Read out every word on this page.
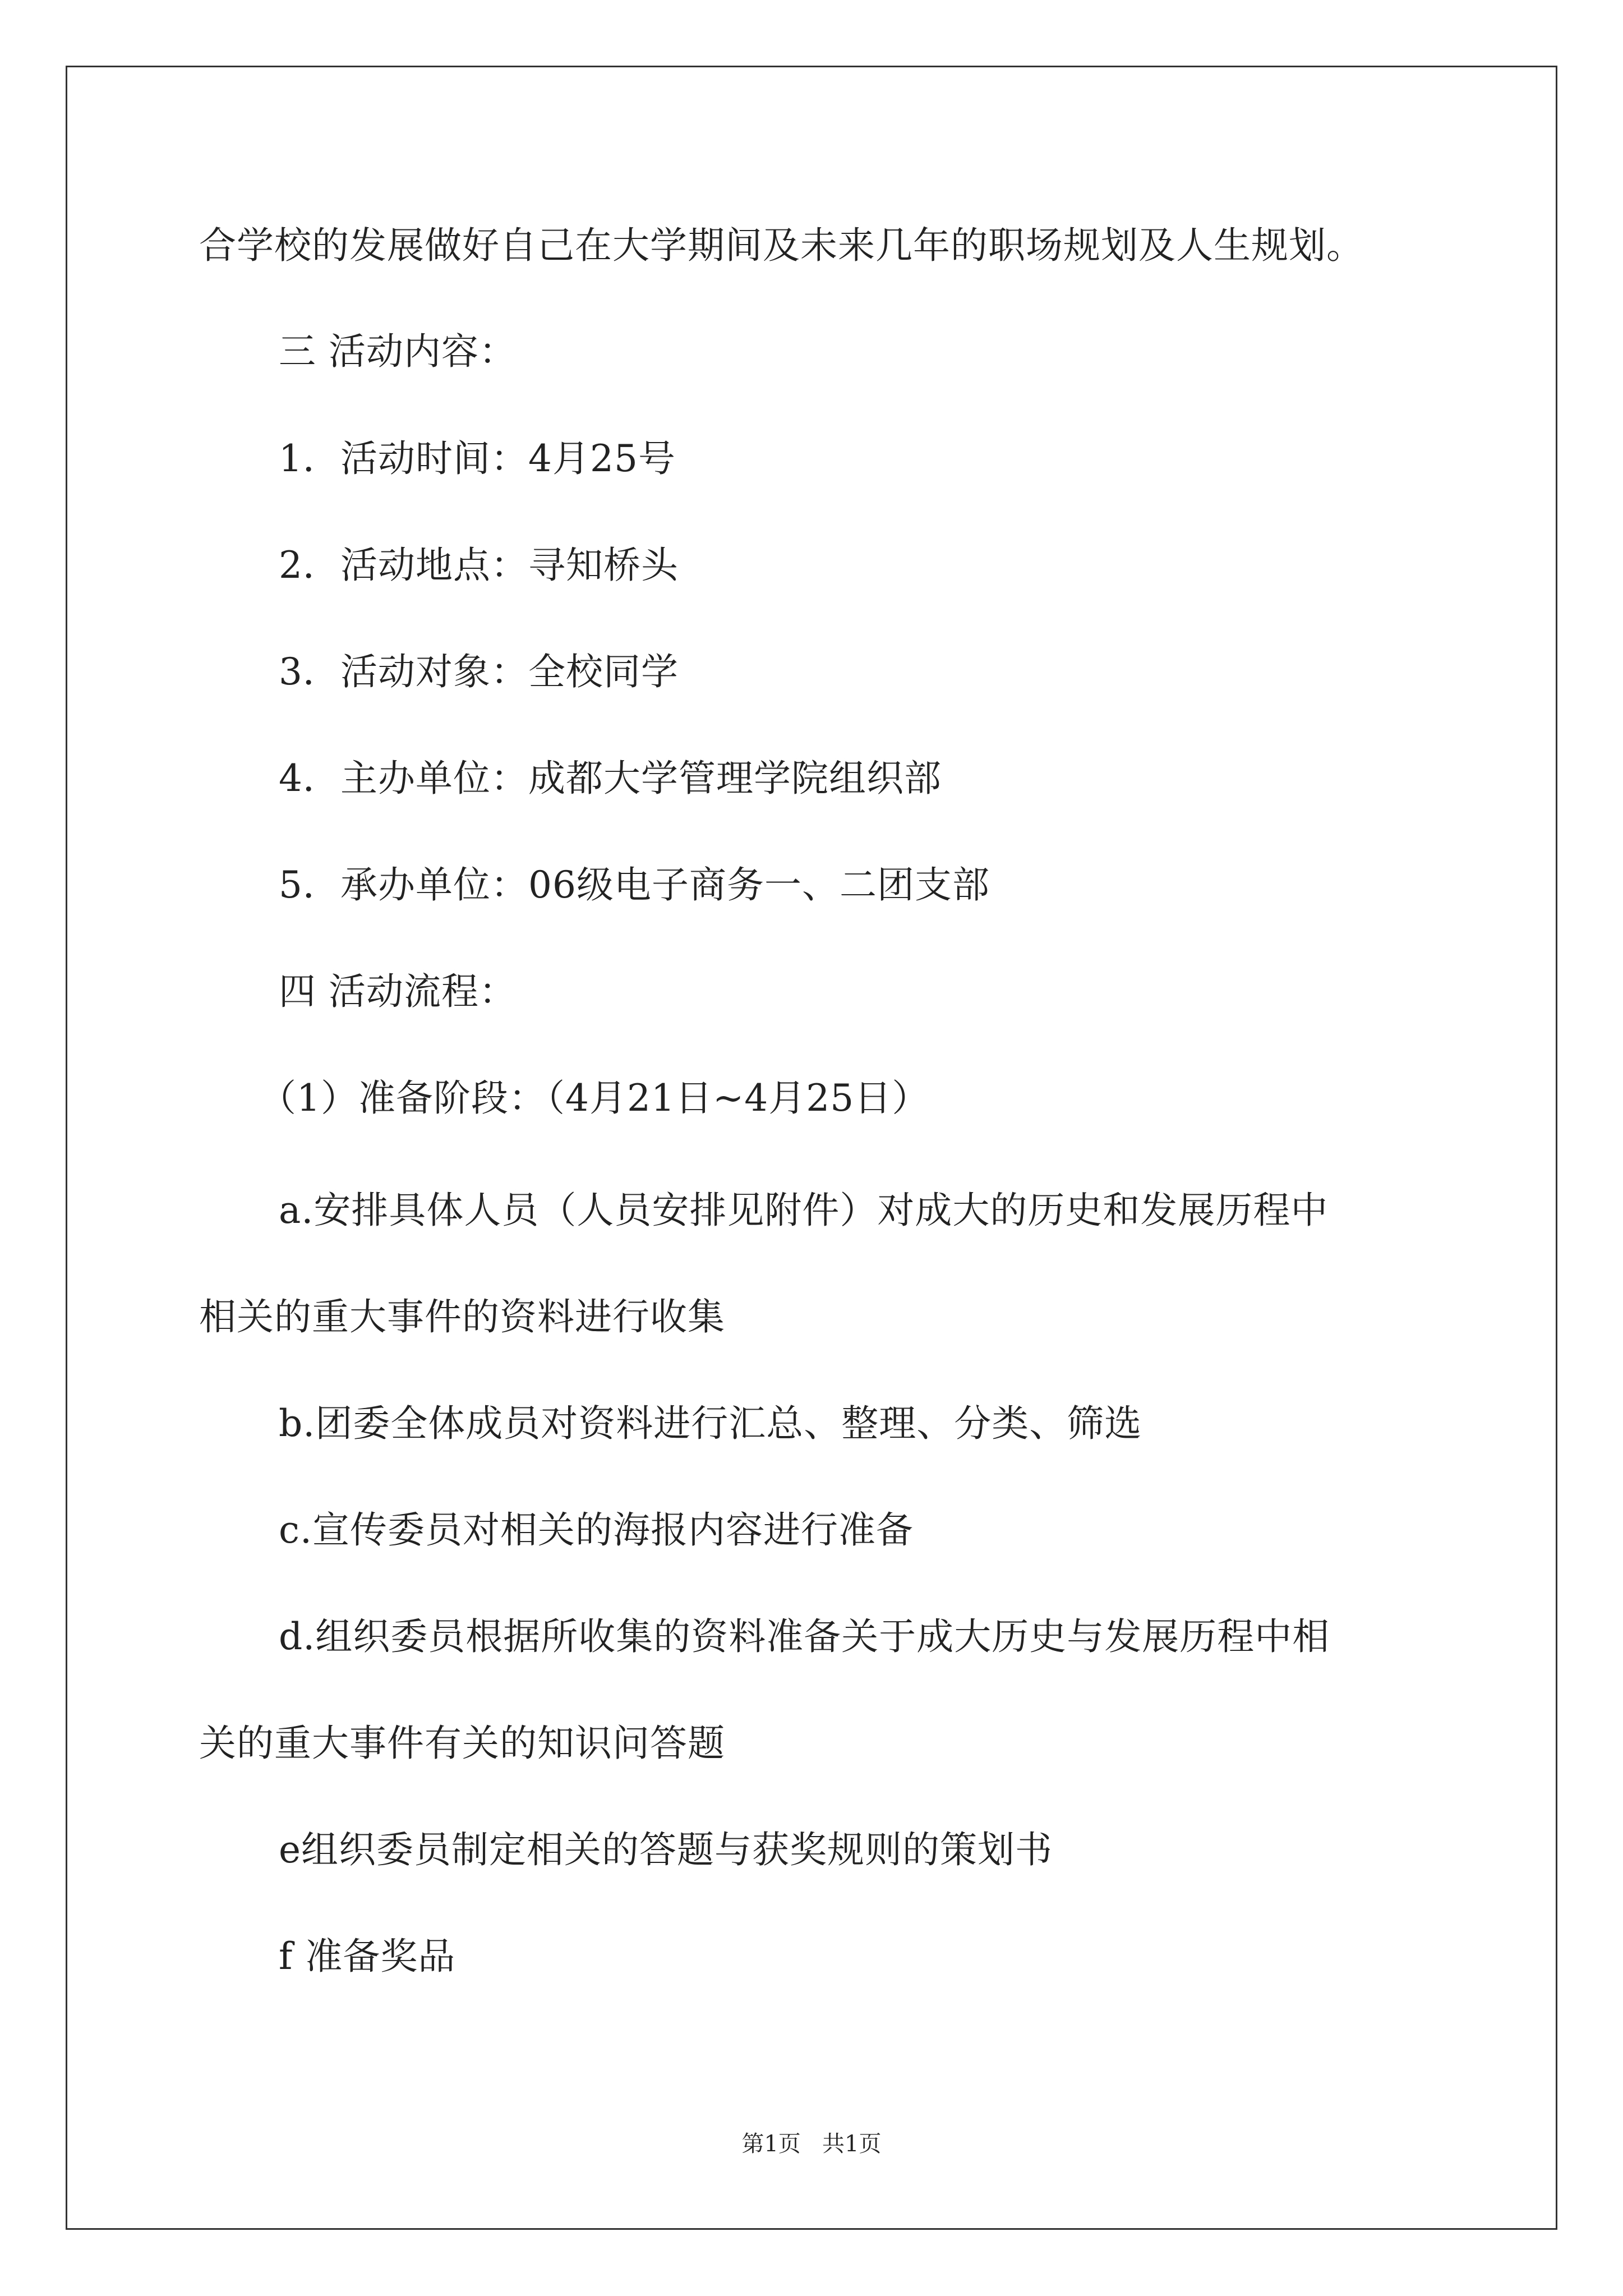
合学校的发展做好自己在大学期间及未来几年的职场规划及人生规划。
三 活动内容：
1．活动时间：4月25号
2．活动地点：寻知桥头
3．活动对象：全校同学
4．主办单位：成都大学管理学院组织部
5．承办单位：06级电子商务一、二团支部
四 活动流程：
（1）准备阶段：（4月21日~4月25日）
a.安排具体人员（人员安排见附件）对成大的历史和发展历程中
相关的重大事件的资料进行收集
b.团委全体成员对资料进行汇总、整理、分类、筛选
c.宣传委员对相关的海报内容进行准备
d.组织委员根据所收集的资料准备关于成大历史与发展历程中相
关的重大事件有关的知识问答题
e组织委员制定相关的答题与获奖规则的策划书
f 准备奖品
第1页   共1页
